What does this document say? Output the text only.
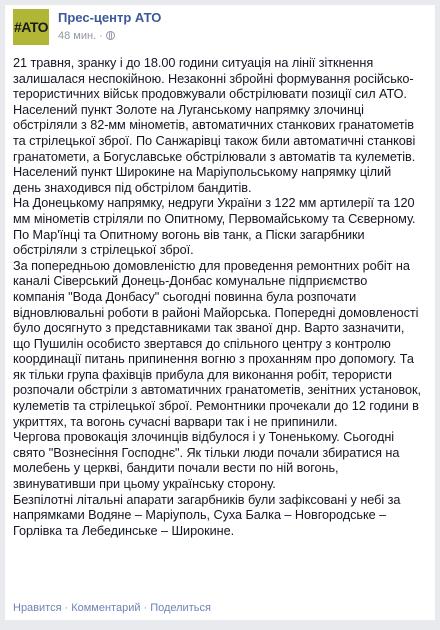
#ATO
Прес-центр АТО
48 мин. ·
21 травня, зранку і до 18.00 години ситуація на лінії зіткнення
залишалася неспокійною. Незаконні збройні формування російсько-
терористичних військ продовжували обстрілювати позиції сил АТО.
Населений пункт Золоте на Луганському напрямку злочинці
обстріляли з 82-мм мінометів, автоматичних станкових гранатометів
та стрілецької зброї. По Санжарівці також били автоматичні станкові
гранатомети, а Богуславське обстрілювали з автоматів та кулеметів.
Населений пункт Широкине на Маріупольському напрямку цілий
день знаходився під обстрілом бандитів.
На Донецькому напрямку, недруги України з 122 мм артилерії та 120
мм мінометів стріляли по Опитному, Первомайському та Сєверному.
По Мар'їнці та Опитному вогонь вів танк, а Піски загарбники
обстріляли з стрілецької зброї.
За попередньою домовленістю для проведення ремонтних робіт на
каналі Сіверський Донець-Донбас комунальне підприємство
компанія "Вода Донбасу" сьогодні повинна була розпочати
відновлювальні роботи в районі Майорська. Попередні домовленості
було досягнуто з представниками так званої днр. Варто зазначити,
що Пушилін особисто звертався до спільного центру з контролю
координації питань припинення вогню з проханням про допомогу. Та
як тільки група фахівців прибула для виконання робіт, терористи
розпочали обстріли з автоматичних гранатометів, зенітних установок,
кулеметів та стрілецької зброї. Ремонтники прочекали до 12 години в
укриттях, та вогонь сучасні варвари так і не припинили.
Чергова провокація злочинців відбулося і у Тоненькому. Сьогодні
свято "Вознесіння Господнє". Як тільки люди почали збиратися на
молебень у церкві, бандити почали вести по ній вогонь,
звинувативши при цьому українську сторону.
Безпілотні літальні апарати загарбників були зафіксовані у небі за
напрямками Водяне – Маріуполь, Суха Балка – Новгородське –
Горлівка та Лебединське – Широкине.
Нравится · Комментарий · Поделиться
